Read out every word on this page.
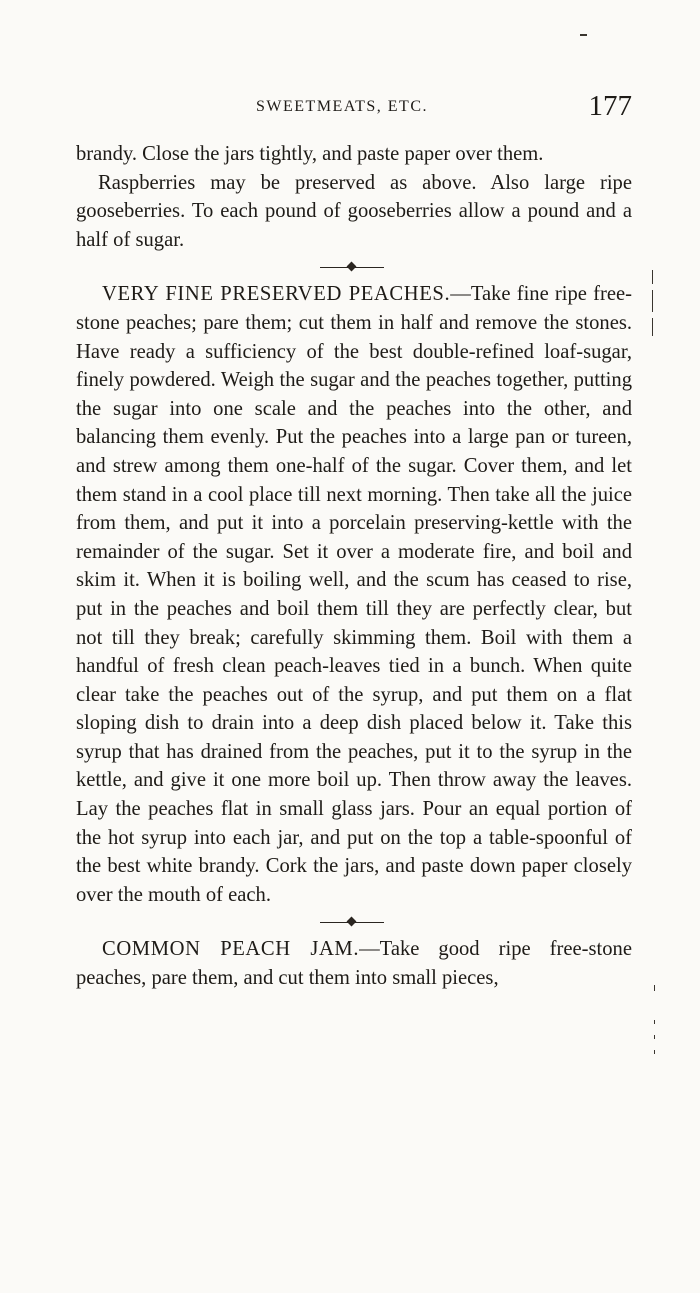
SWEETMEATS, ETC.	177

brandy. Close the jars tightly, and paste paper over them.

Raspberries may be preserved as above. Also large ripe gooseberries. To each pound of gooseberries allow a pound and a half of sugar.

VERY FINE PRESERVED PEACHES.—Take fine ripe free-stone peaches; pare them; cut them in half and remove the stones. Have ready a sufficiency of the best double-refined loaf-sugar, finely powdered. Weigh the sugar and the peaches together, putting the sugar into one scale and the peaches into the other, and balancing them evenly. Put the peaches into a large pan or tureen, and strew among them one-half of the sugar. Cover them, and let them stand in a cool place till next morning. Then take all the juice from them, and put it into a porcelain preserving-kettle with the remainder of the sugar. Set it over a moderate fire, and boil and skim it. When it is boiling well, and the scum has ceased to rise, put in the peaches and boil them till they are perfectly clear, but not till they break; carefully skimming them. Boil with them a handful of fresh clean peach-leaves tied in a bunch. When quite clear take the peaches out of the syrup, and put them on a flat sloping dish to drain into a deep dish placed below it. Take this syrup that has drained from the peaches, put it to the syrup in the kettle, and give it one more boil up. Then throw away the leaves. Lay the peaches flat in small glass jars. Pour an equal portion of the hot syrup into each jar, and put on the top a table-spoonful of the best white brandy. Cork the jars, and paste down paper closely over the mouth of each.

COMMON PEACH JAM.—Take good ripe free-stone peaches, pare them, and cut them into small pieces,
